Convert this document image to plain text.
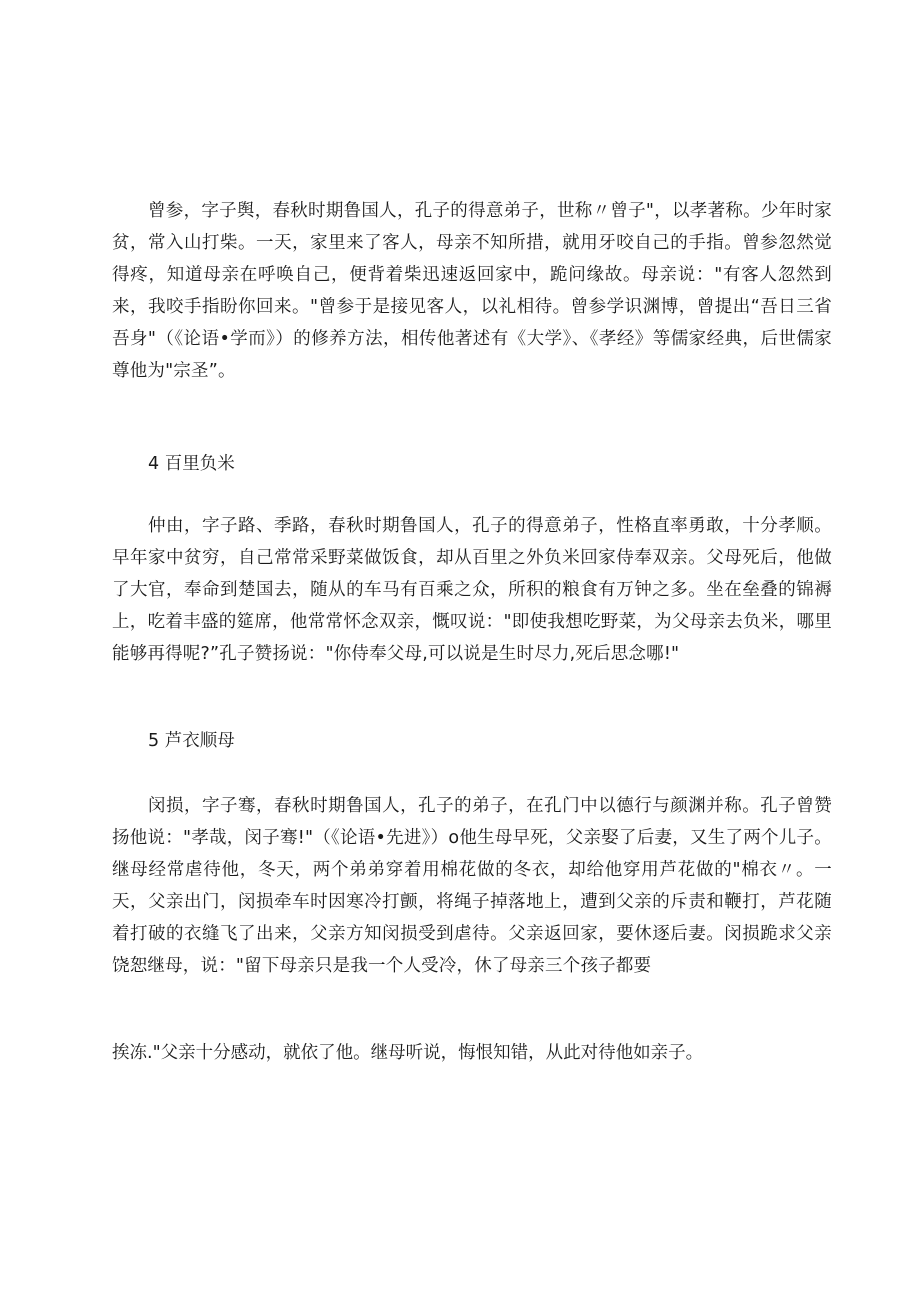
曾参，字子舆，春秋时期鲁国人，孔子的得意弟子，世称〃曾子"，以孝著称。少年时家贫，常入山打柴。一天，家里来了客人，母亲不知所措，就用牙咬自己的手指。曾参忽然觉得疼，知道母亲在呼唤自己，便背着柴迅速返回家中，跪问缘故。母亲说："有客人忽然到来，我咬手指盼你回来。"曾参于是接见客人，以礼相待。曾参学识渊博，曾提出“吾日三省吾身"（《论语•学而》）的修养方法，相传他著述有《大学》、《孝经》等儒家经典，后世儒家尊他为"宗圣”。

4 百里负米

仲由，字子路、季路，春秋时期鲁国人，孔子的得意弟子，性格直率勇敢，十分孝顺。早年家中贫穷，自己常常采野菜做饭食，却从百里之外负米回家侍奉双亲。父母死后，他做了大官，奉命到楚国去，随从的车马有百乘之众，所积的粮食有万钟之多。坐在垒叠的锦褥上，吃着丰盛的筵席，他常常怀念双亲，慨叹说："即使我想吃野菜，为父母亲去负米，哪里能够再得呢?”孔子赞扬说："你侍奉父母,可以说是生时尽力,死后思念哪!"

5 芦衣顺母

闵损，字子骞，春秋时期鲁国人，孔子的弟子，在孔门中以德行与颜渊并称。孔子曾赞扬他说："孝哉，闵子骞!"（《论语•先进》）o他生母早死，父亲娶了后妻，又生了两个儿子。继母经常虐待他，冬天，两个弟弟穿着用棉花做的冬衣，却给他穿用芦花做的"棉衣〃。一天，父亲出门，闵损牵车时因寒冷打颤，将绳子掉落地上，遭到父亲的斥责和鞭打，芦花随着打破的衣缝飞了出来，父亲方知闵损受到虐待。父亲返回家，要休逐后妻。闵损跪求父亲饶恕继母，说："留下母亲只是我一个人受冷，休了母亲三个孩子都要

挨冻."父亲十分感动，就依了他。继母听说，悔恨知错，从此对待他如亲子。
